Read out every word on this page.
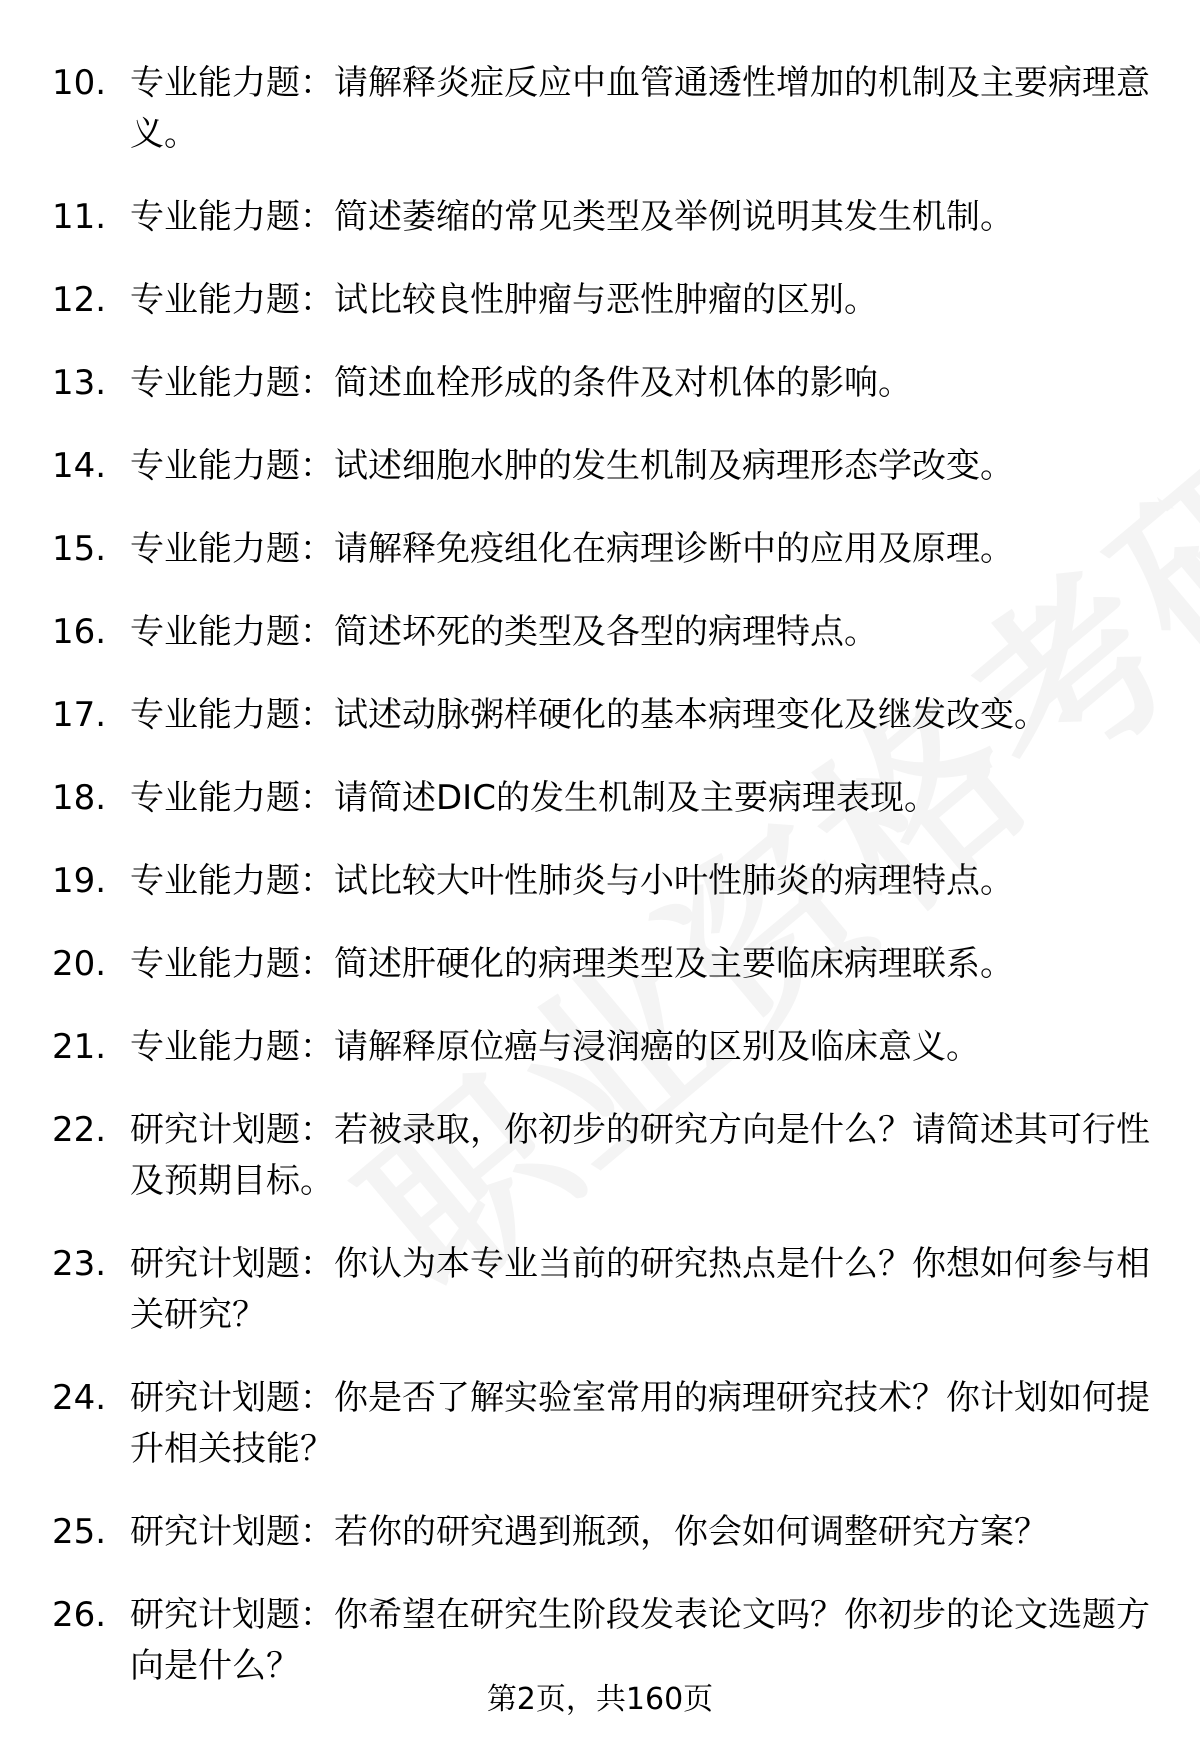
10. 专业能力题：请解释炎症反应中血管通透性增加的机制及主要病理意义。
11. 专业能力题：简述萎缩的常见类型及举例说明其发生机制。
12. 专业能力题：试比较良性肿瘤与恶性肿瘤的区别。
13. 专业能力题：简述血栓形成的条件及对机体的影响。
14. 专业能力题：试述细胞水肿的发生机制及病理形态学改变。
15. 专业能力题：请解释免疫组化在病理诊断中的应用及原理。
16. 专业能力题：简述坏死的类型及各型的病理特点。
17. 专业能力题：试述动脉粥样硬化的基本病理变化及继发改变。
18. 专业能力题：请简述DIC的发生机制及主要病理表现。
19. 专业能力题：试比较大叶性肺炎与小叶性肺炎的病理特点。
20. 专业能力题：简述肝硬化的病理类型及主要临床病理联系。
21. 专业能力题：请解释原位癌与浸润癌的区别及临床意义。
22. 研究计划题：若被录取，你初步的研究方向是什么？请简述其可行性及预期目标。
23. 研究计划题：你认为本专业当前的研究热点是什么？你想如何参与相关研究？
24. 研究计划题：你是否了解实验室常用的病理研究技术？你计划如何提升相关技能？
25. 研究计划题：若你的研究遇到瓶颈，你会如何调整研究方案？
26. 研究计划题：你希望在研究生阶段发表论文吗？你初步的论文选题方向是什么？
第2页，共160页
